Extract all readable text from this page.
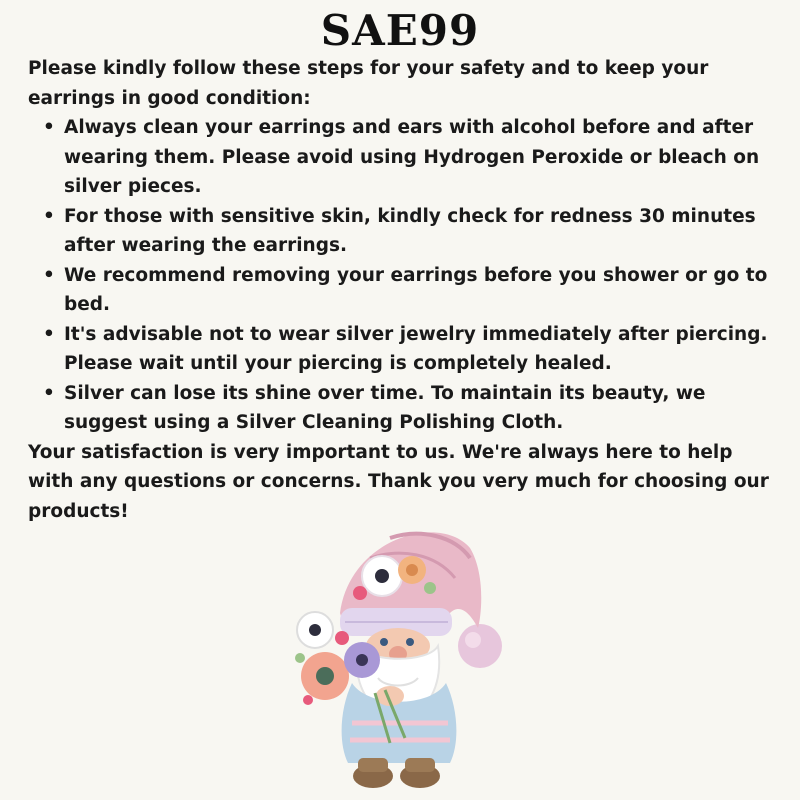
SAE99

Please kindly follow these steps for your safety and to keep your earrings in good condition:

• Always clean your earrings and ears with alcohol before and after wearing them. Please avoid using Hydrogen Peroxide or bleach on silver pieces.
• For those with sensitive skin, kindly check for redness 30 minutes after wearing the earrings.
• We recommend removing your earrings before you shower or go to bed.
• It's advisable not to wear silver jewelry immediately after piercing. Please wait until your piercing is completely healed.
• Silver can lose its shine over time. To maintain its beauty, we suggest using a Silver Cleaning Polishing Cloth.

Your satisfaction is very important to us. We're always here to help with any questions or concerns. Thank you very much for choosing our products!
